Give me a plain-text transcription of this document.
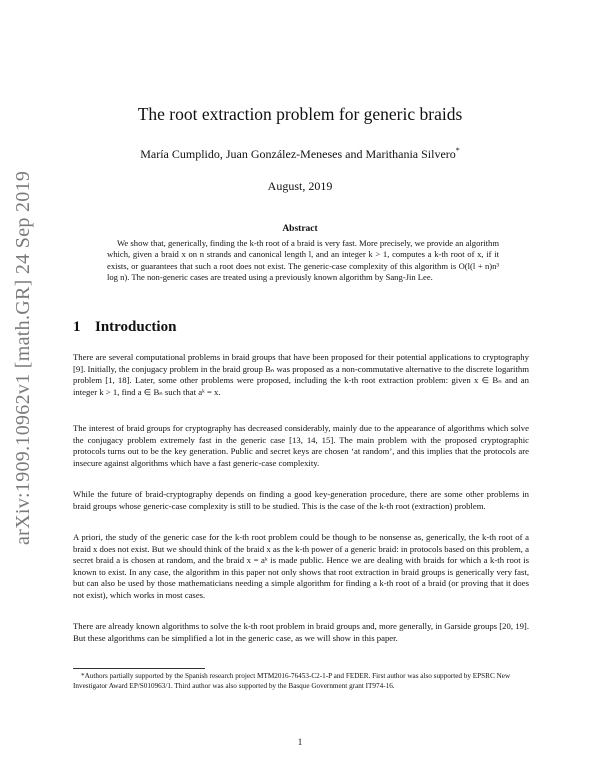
arXiv:1909.10962v1 [math.GR] 24 Sep 2019
The root extraction problem for generic braids
María Cumplido, Juan González-Meneses and Marithania Silvero*
August, 2019
Abstract
We show that, generically, finding the k-th root of a braid is very fast. More precisely, we provide an algorithm which, given a braid x on n strands and canonical length l, and an integer k > 1, computes a k-th root of x, if it exists, or guarantees that such a root does not exist. The generic-case complexity of this algorithm is O(l(l + n)n³ log n). The non-generic cases are treated using a previously known algorithm by Sang-Jin Lee.
1 Introduction
There are several computational problems in braid groups that have been proposed for their potential applications to cryptography [9]. Initially, the conjugacy problem in the braid group Bₙ was proposed as a non-commutative alternative to the discrete logarithm problem [1, 18]. Later, some other problems were proposed, including the k-th root extraction problem: given x ∈ Bₙ and an integer k > 1, find a ∈ Bₙ such that aᵏ = x.
The interest of braid groups for cryptography has decreased considerably, mainly due to the appearance of algorithms which solve the conjugacy problem extremely fast in the generic case [13, 14, 15]. The main problem with the proposed cryptographic protocols turns out to be the key generation. Public and secret keys are chosen ‘at random’, and this implies that the protocols are insecure against algorithms which have a fast generic-case complexity.
While the future of braid-cryptography depends on finding a good key-generation procedure, there are some other problems in braid groups whose generic-case complexity is still to be studied. This is the case of the k-th root (extraction) problem.
A priori, the study of the generic case for the k-th root problem could be though to be nonsense as, generically, the k-th root of a braid x does not exist. But we should think of the braid x as the k-th power of a generic braid: in protocols based on this problem, a secret braid a is chosen at random, and the braid x = aᵏ is made public. Hence we are dealing with braids for which a k-th root is known to exist. In any case, the algorithm in this paper not only shows that root extraction in braid groups is generically very fast, but can also be used by those mathematicians needing a simple algorithm for finding a k-th root of a braid (or proving that it does not exist), which works in most cases.
There are already known algorithms to solve the k-th root problem in braid groups and, more generally, in Garside groups [20, 19]. But these algorithms can be simplified a lot in the generic case, as we will show in this paper.
*Authors partially supported by the Spanish research project MTM2016-76453-C2-1-P and FEDER. First author was also supported by EPSRC New Investigator Award EP/S010963/1. Third author was also supported by the Basque Government grant IT974-16.
1
